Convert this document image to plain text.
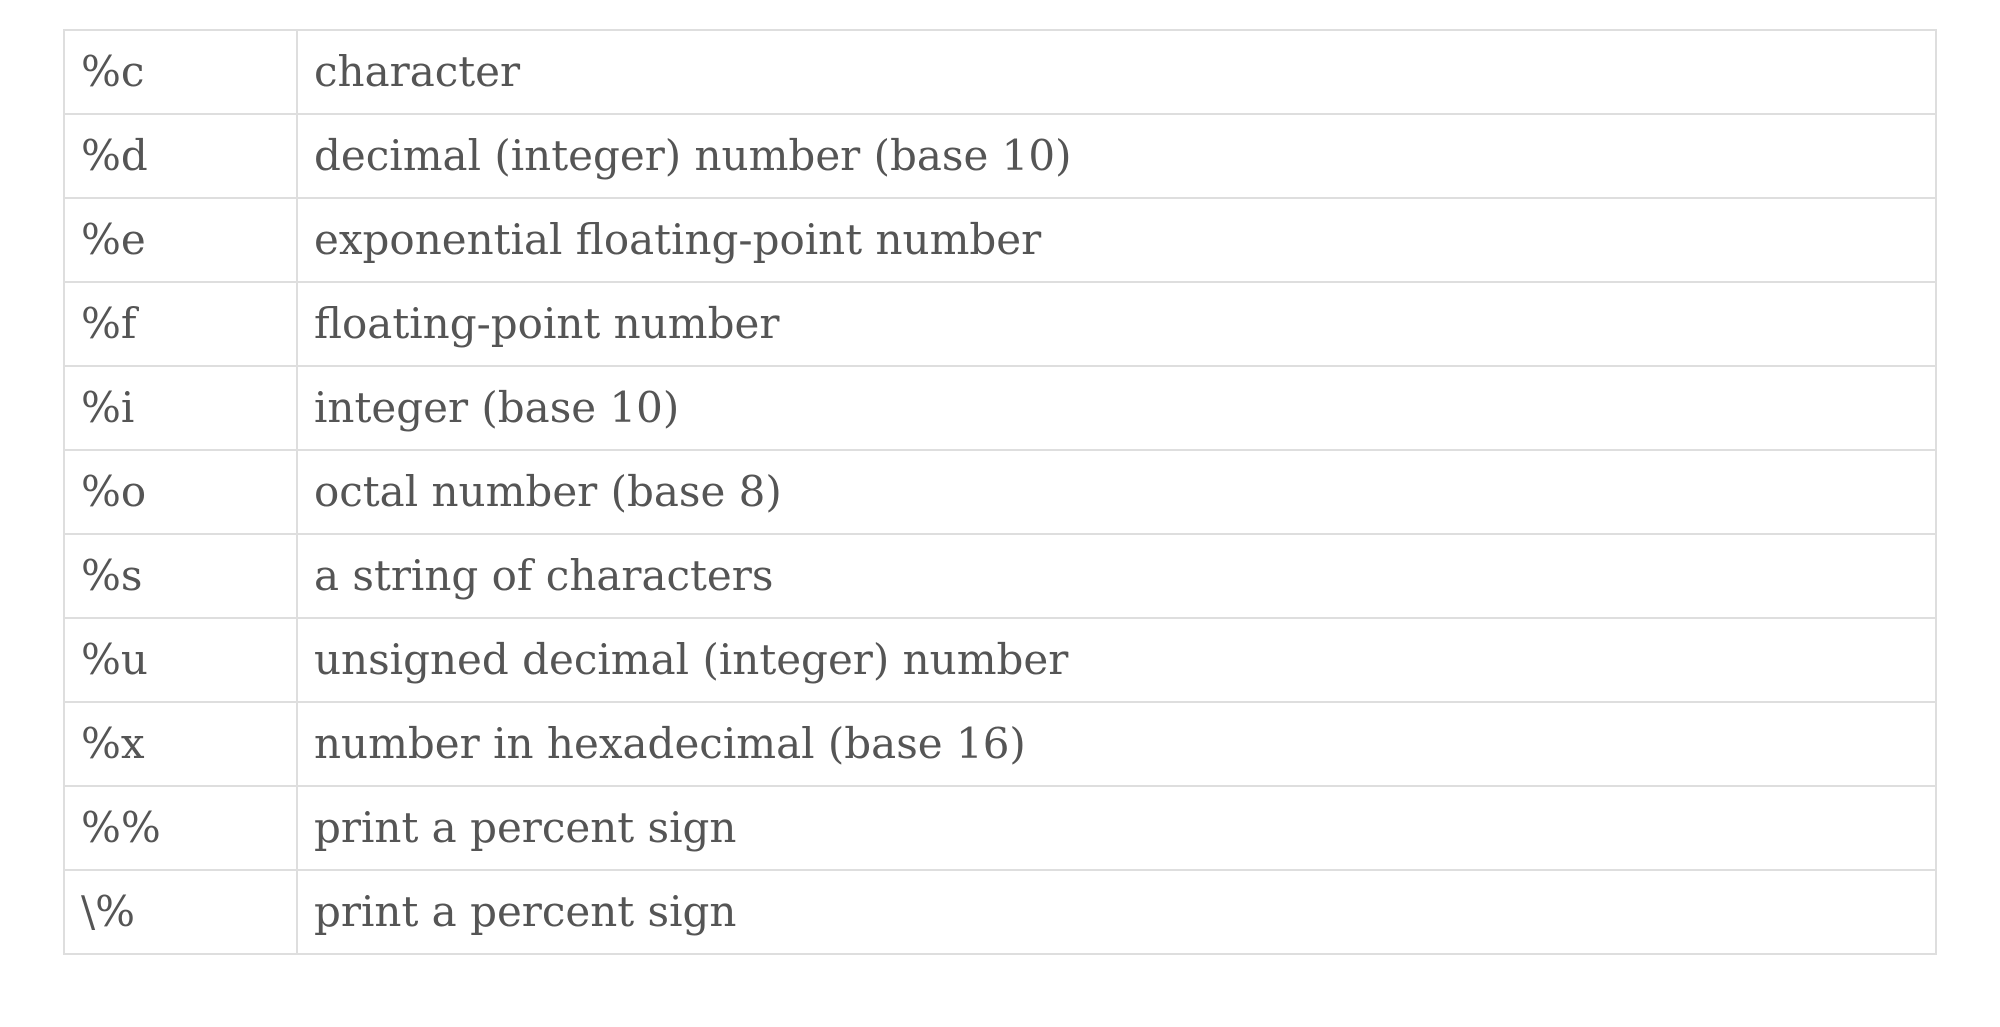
%c	character
%d	decimal (integer) number (base 10)
%e	exponential floating-point number
%f	floating-point number
%i	integer (base 10)
%o	octal number (base 8)
%s	a string of characters
%u	unsigned decimal (integer) number
%x	number in hexadecimal (base 16)
%%	print a percent sign
\%	print a percent sign
